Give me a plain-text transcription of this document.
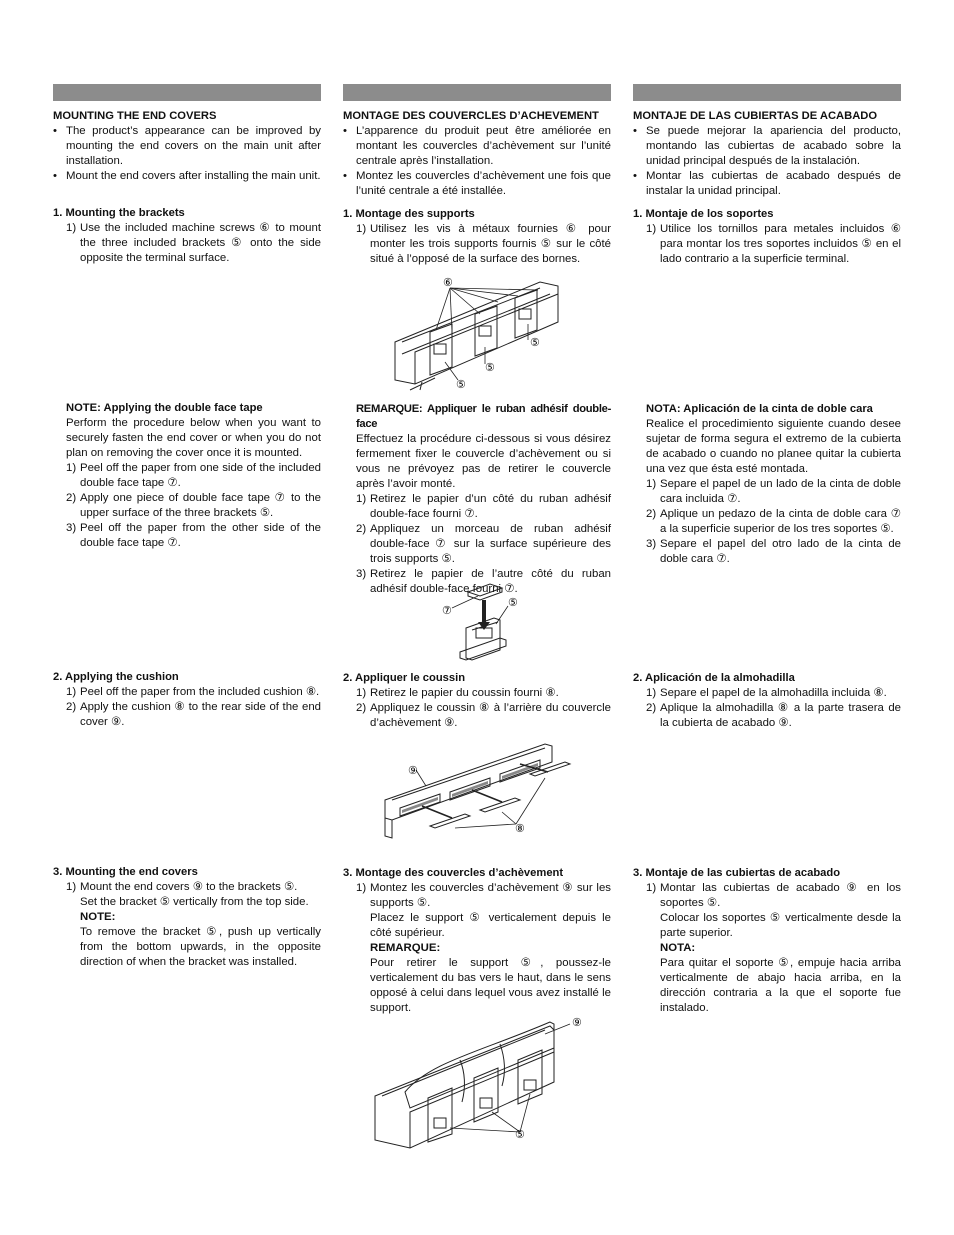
MOUNTING THE END COVERS

• The product’s appearance can be improved by mounting the end covers on the main unit after installation.
• Mount the end covers after installing the main unit.
1. Mounting the brackets
1) Use the included machine screws ⑥ to mount the three included brackets ⑤ onto the side opposite the terminal surface.
NOTE: Applying the double face tape
Perform the procedure below when you want to securely fasten the end cover or when you do not plan on removing the cover once it is mounted.
1) Peel off the paper from one side of the included double face tape ⑦.
2) Apply one piece of double face tape ⑦ to the upper surface of the three brackets ⑤.
3) Peel off the paper from the other side of the double face tape ⑦.
2. Applying the cushion
1) Peel off the paper from the included cushion ⑧.
2) Apply the cushion ⑧ to the rear side of the end cover ⑨.
3. Mounting the end covers
1) Mount the end covers ⑨ to the brackets ⑤.
Set the bracket ⑤ vertically from the top side.
NOTE:
To remove the bracket ⑤, push up vertically from the bottom upwards, in the opposite direction of when the bracket was installed.

MONTAGE DES COUVERCLES D’ACHEVEMENT

• L’apparence du produit peut être améliorée en montant les couvercles d’achèvement sur l’unité centrale après l’installation.
• Montez les couvercles d’achèvement une fois que l’unité centrale a été installée.
1. Montage des supports
1) Utilisez les vis à métaux fournies ⑥ pour monter les trois supports fournis ⑤ sur le côté situé à l’opposé de la surface des bornes.
REMARQUE: Appliquer le ruban adhésif double-face
Effectuez la procédure ci-dessous si vous désirez fermement fixer le couvercle d’achèvement ou si vous ne prévoyez pas de retirer le couvercle après l’avoir monté.
1) Retirez le papier d’un côté du ruban adhésif double-face fourni ⑦.
2) Appliquez un morceau de ruban adhésif double-face ⑦ sur la surface supérieure des trois supports ⑤.
3) Retirez le papier de l’autre côté du ruban adhésif double-face fourni ⑦.
2. Appliquer le coussin
1) Retirez le papier du coussin fourni ⑧.
2) Appliquez le coussin ⑧ à l’arrière du couvercle d’achèvement ⑨.
3. Montage des couvercles d’achèvement
1) Montez les couvercles d’achèvement ⑨ sur les supports ⑤.
Placez le support ⑤ verticalement depuis le côté supérieur.
REMARQUE:
Pour retirer le support ⑤, poussez-le verticalement du bas vers le haut, dans le sens opposé à celui dans lequel vous avez installé le support.

MONTAJE DE LAS CUBIERTAS DE ACABADO

• Se puede mejorar la apariencia del producto, montando las cubiertas de acabado sobre la unidad principal después de la instalación.
• Montar las cubiertas de acabado después de instalar la unidad principal.
1. Montaje de los soportes
1) Utilice los tornillos para metales incluidos ⑥ para montar los tres soportes incluidos ⑤ en el lado contrario a la superficie terminal.
NOTA: Aplicación de la cinta de doble cara
Realice el procedimiento siguiente cuando desee sujetar de forma segura el extremo de la cubierta de acabado o cuando no planee quitar la cubierta una vez que ésta esté montada.
1) Separe el papel de un lado de la cinta de doble cara incluida ⑦.
2) Aplique un pedazo de la cinta de doble cara ⑦ a la superficie superior de los tres soportes ⑤.
3) Separe el papel del otro lado de la cinta de doble cara ⑦.
2. Aplicación de la almohadilla
1) Separe el papel de la almohadilla incluida ⑧.
2) Aplique la almohadilla ⑧ a la parte trasera de la cubierta de acabado ⑨.
3. Montaje de las cubiertas de acabado
1) Montar las cubiertas de acabado ⑨ en los soportes ⑤.
Colocar los soportes ⑤ verticalmente desde la parte superior.
NOTA:
Para quitar el soporte ⑤, empuje hacia arriba verticalmente de abajo hacia arriba, en la dirección contraria a la que el soporte fue instalado.
⑥
⑤
⑤
⑤
⑦
⑤
⑨
⑧
⑨
⑤
